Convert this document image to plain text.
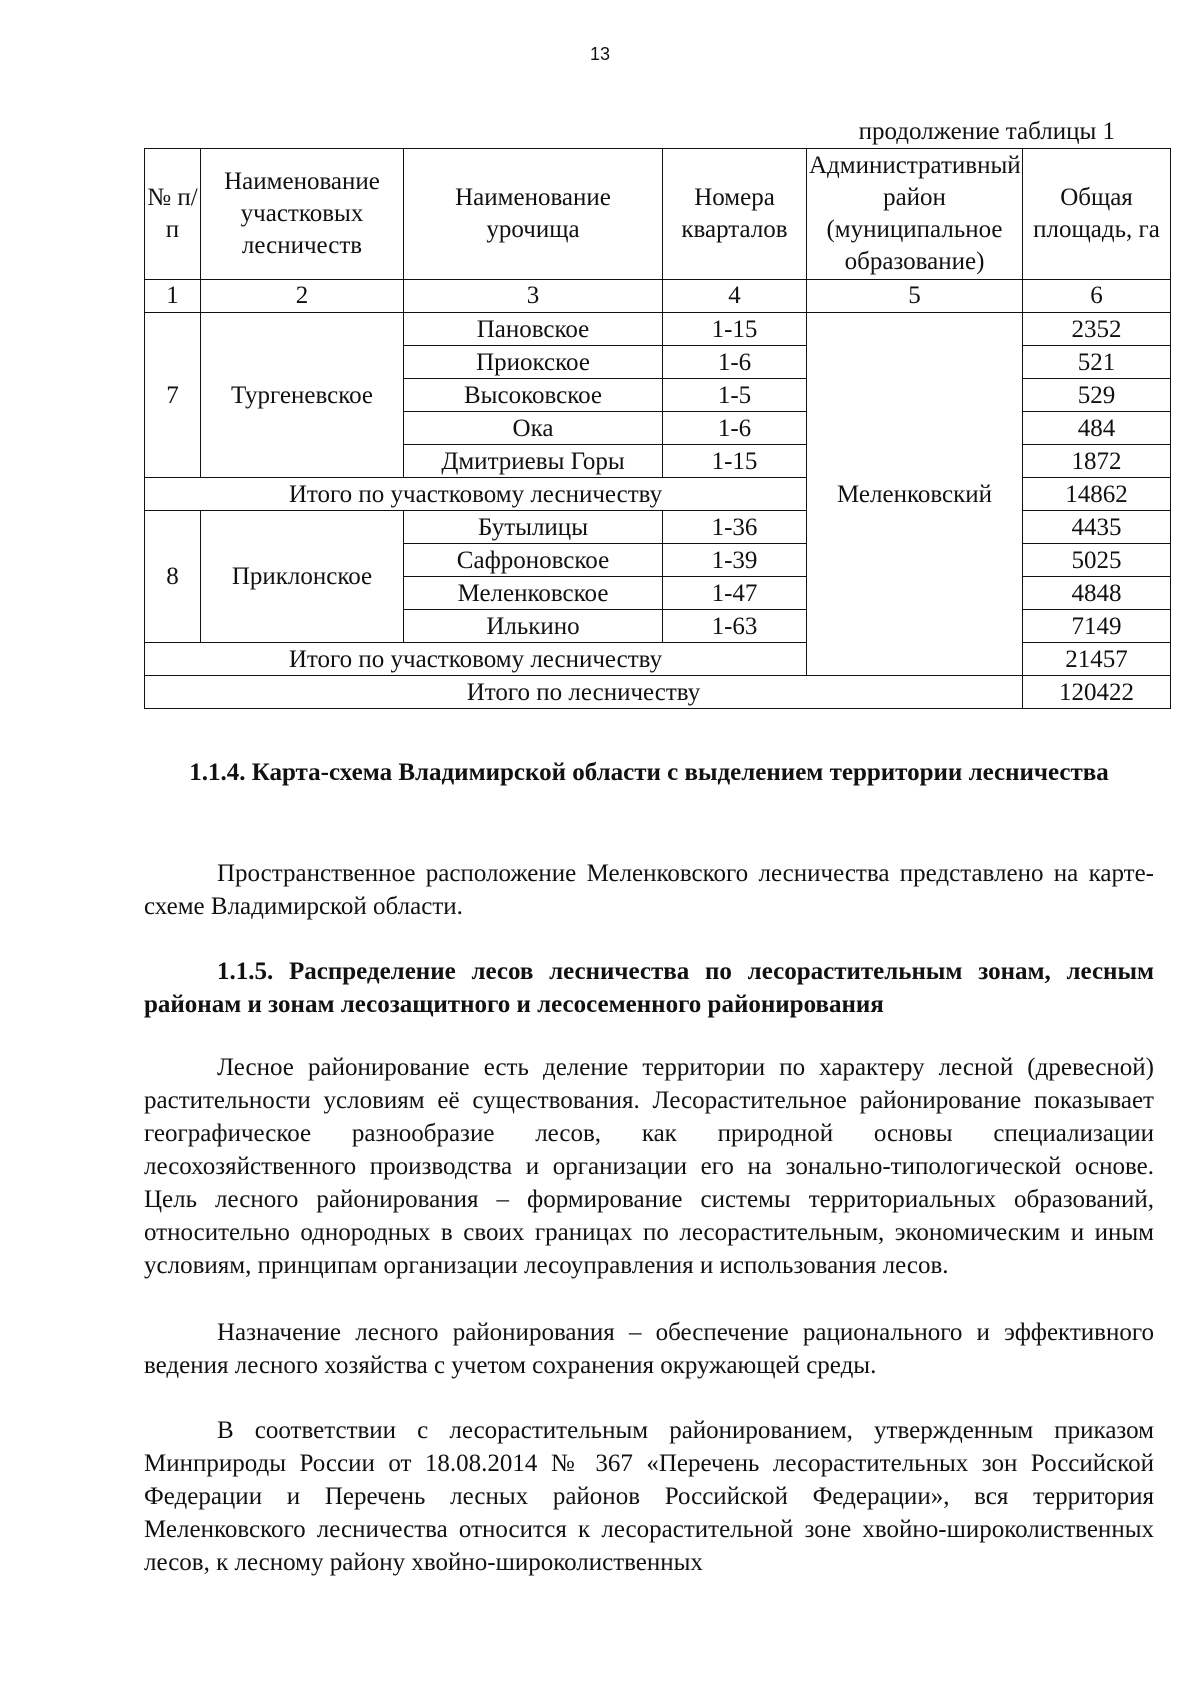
13
продолжение таблицы 1
№ п/п	Наименование участковых лесничеств	Наименование урочища	Номера кварталов	Административный район (муниципальное образование)	Общая площадь, га
1	2	3	4	5	6
7	Тургеневское	Пановское	1-15	Меленковский	2352
		Приокское	1-6		521
		Высоковское	1-5		529
		Ока	1-6		484
		Дмитриевы Горы	1-15		1872
Итого по участковому лесничеству					14862
8	Приклонское	Бутылицы	1-36		4435
		Сафроновское	1-39		5025
		Меленковское	1-47		4848
		Илькино	1-63		7149
Итого по участковому лесничеству					21457
Итого по лесничеству					120422
1.1.4. Карта-схема Владимирской области с выделением территории лесничества

Пространственное расположение Меленковского лесничества представлено на карте-схеме Владимирской области.

1.1.5. Распределение лесов лесничества по лесорастительным зонам, лесным районам и зонам лесозащитного и лесосеменного районирования

Лесное районирование есть деление территории по характеру лесной (древесной) растительности условиям её существования. Лесорастительное районирование показывает географическое разнообразие лесов, как природной основы специализации лесохозяйственного производства и организации его на зонально-типологической основе. Цель лесного районирования – формирование системы территориальных образований, относительно однородных в своих границах по лесорастительным, экономическим и иным условиям, принципам организации лесоуправления и использования лесов.

Назначение лесного районирования – обеспечение рационального и эффективного ведения лесного хозяйства с учетом сохранения окружающей среды.

В соответствии с лесорастительным районированием, утвержденным приказом Минприроды России от 18.08.2014 № 367 «Перечень лесорастительных зон Российской Федерации и Перечень лесных районов Российской Федерации», вся территория Меленковского лесничества относится к лесорастительной зоне хвойно-широколиственных лесов, к лесному району хвойно-широколиственных
